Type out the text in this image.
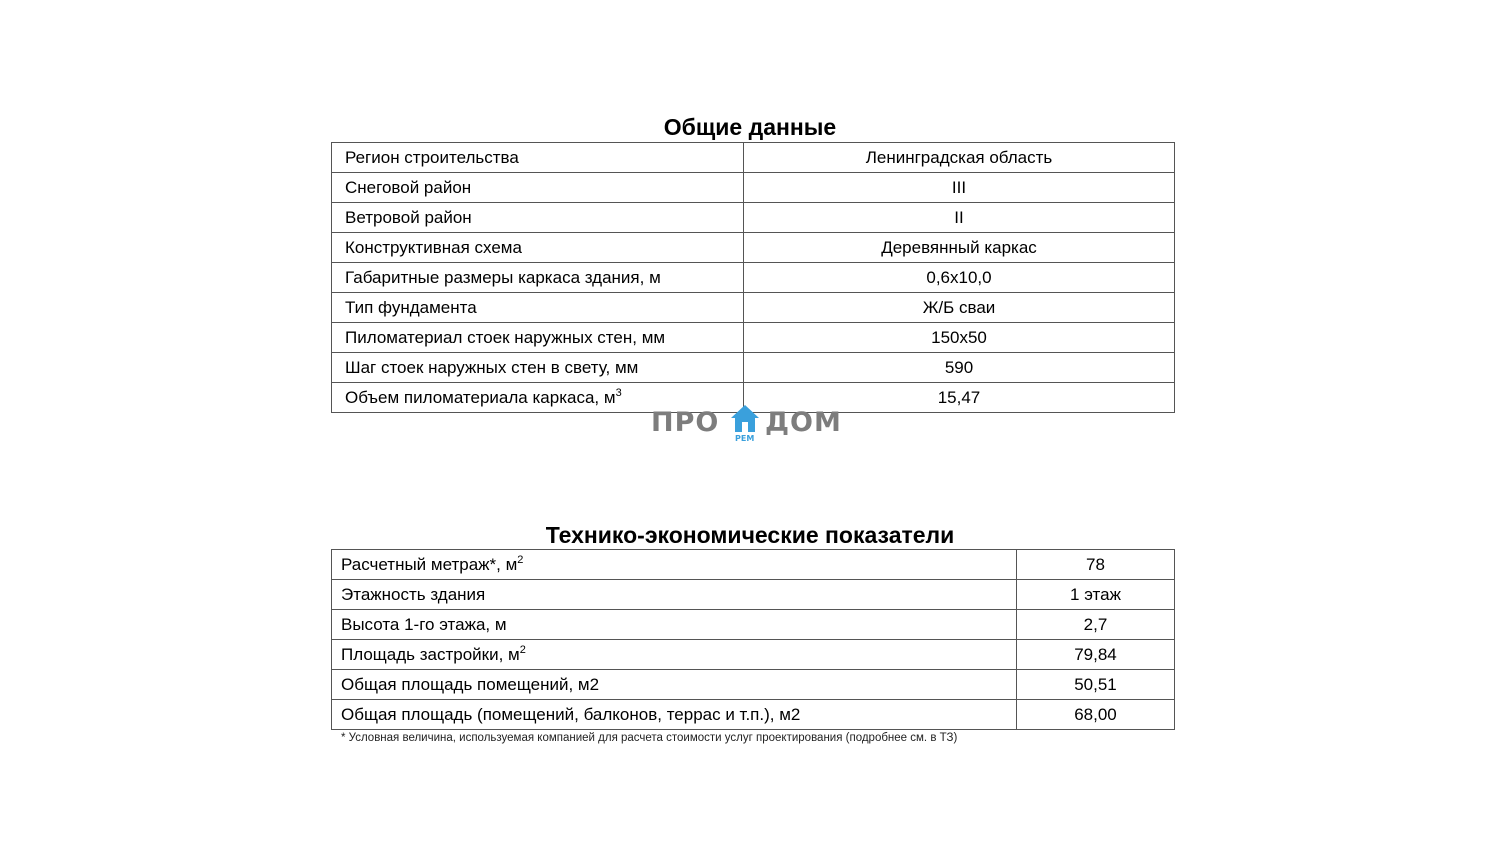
Общие данные
Регион строительства	Ленинградская область
Снеговой район	III
Ветровой район	II
Конструктивная схема	Деревянный каркас
Габаритные размеры каркаса здания, м	0,6x10,0
Тип фундамента	Ж/Б сваи
Пиломатериал стоек наружных стен, мм	150x50
Шаг стоек наружных стен в свету, мм	590
Объем пиломатериала каркаса, $м^3$	15,47
ПРО
РЕМ
ДОМ
Технико-экономические показатели
Расчетный метраж*, $м^2$	78
Этажность здания	1 этаж
Высота 1-го этажа, м	2,7
Площадь застройки, $м^2$	79,84
Общая площадь помещений, м2	50,51
Общая площадь (помещений, балконов, террас и т.п.), м2	68,00
* Условная величина, используемая компанией для расчета стоимости услуг проектирования (подробнее см. в ТЗ)
